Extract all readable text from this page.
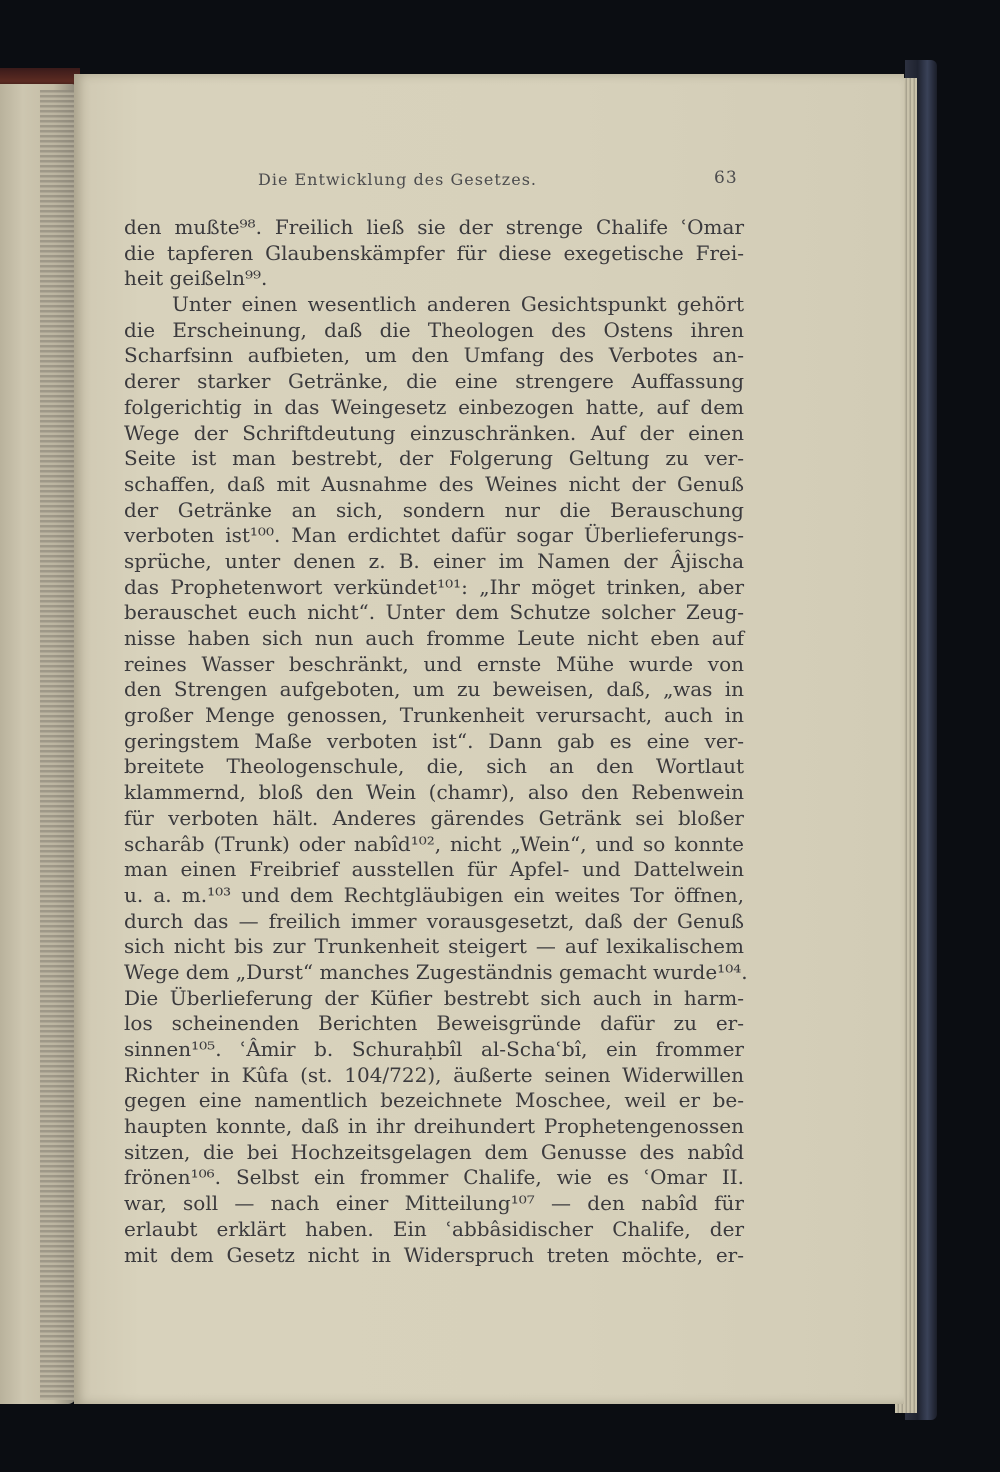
Die Entwicklung des Gesetzes.	63
den mußte⁹⁸. Freilich ließ sie der strenge Chalife ʿOmar
die tapferen Glaubenskämpfer für diese exegetische Frei-
heit geißeln⁹⁹.
Unter einen wesentlich anderen Gesichtspunkt gehört
die Erscheinung, daß die Theologen des Ostens ihren
Scharfsinn aufbieten, um den Umfang des Verbotes an-
derer starker Getränke, die eine strengere Auffassung
folgerichtig in das Weingesetz einbezogen hatte, auf dem
Wege der Schriftdeutung einzuschränken. Auf der einen
Seite ist man bestrebt, der Folgerung Geltung zu ver-
schaffen, daß mit Ausnahme des Weines nicht der Genuß
der Getränke an sich, sondern nur die Berauschung
verboten ist¹⁰⁰. Man erdichtet dafür sogar Überlieferungs-
sprüche, unter denen z. B. einer im Namen der Âjischa
das Prophetenwort verkündet¹⁰¹: „Ihr möget trinken, aber
berauschet euch nicht“. Unter dem Schutze solcher Zeug-
nisse haben sich nun auch fromme Leute nicht eben auf
reines Wasser beschränkt, und ernste Mühe wurde von
den Strengen aufgeboten, um zu beweisen, daß, „was in
großer Menge genossen, Trunkenheit verursacht, auch in
geringstem Maße verboten ist“. Dann gab es eine ver-
breitete Theologenschule, die, sich an den Wortlaut
klammernd, bloß den Wein (chamr), also den Rebenwein
für verboten hält. Anderes gärendes Getränk sei bloßer
scharâb (Trunk) oder nabîd¹⁰², nicht „Wein“, und so konnte
man einen Freibrief ausstellen für Apfel- und Dattelwein
u. a. m.¹⁰³ und dem Rechtgläubigen ein weites Tor öffnen,
durch das — freilich immer vorausgesetzt, daß der Genuß
sich nicht bis zur Trunkenheit steigert — auf lexikalischem
Wege dem „Durst“ manches Zugeständnis gemacht wurde¹⁰⁴.
Die Überlieferung der Küfier bestrebt sich auch in harm-
los scheinenden Berichten Beweisgründe dafür zu er-
sinnen¹⁰⁵. ʿÂmir b. Schuraḥbîl al-Schaʿbî, ein frommer
Richter in Kûfa (st. 104/722), äußerte seinen Widerwillen
gegen eine namentlich bezeichnete Moschee, weil er be-
haupten konnte, daß in ihr dreihundert Prophetengenossen
sitzen, die bei Hochzeitsgelagen dem Genusse des nabîd
frönen¹⁰⁶. Selbst ein frommer Chalife, wie es ʿOmar II.
war, soll — nach einer Mitteilung¹⁰⁷ — den nabîd für
erlaubt erklärt haben. Ein ʿabbâsidischer Chalife, der
mit dem Gesetz nicht in Widerspruch treten möchte, er-
